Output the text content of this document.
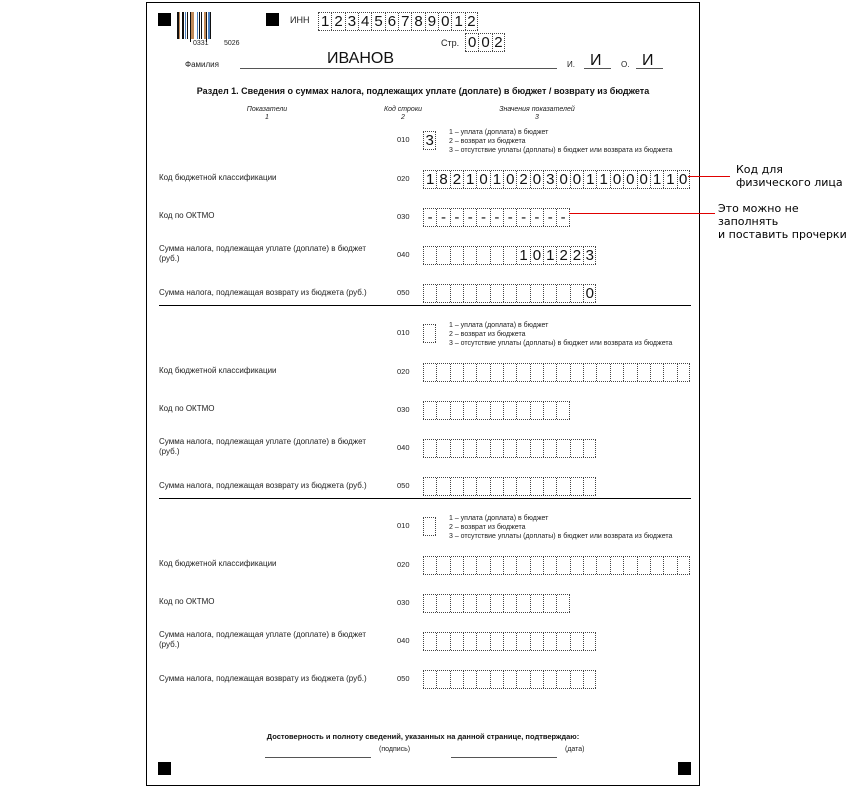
0331 5026
ИНН 1 2 3 4 5 6 7 8 9 0 1 2
Стр. 0 0 2
Фамилия	ИВАНОВ	И. И О. И
Раздел 1. Сведения о суммах налога, подлежащих уплате (доплате) в бюджет / возврату из бюджета
Показатели
1
Код строки
2
Значения показателей
3
010 3	1 – уплата (доплата) в бюджет
2 – возврат из бюджета
3 – отсутствие уплаты (доплаты) в бюджет или возврата из бюджета
Код бюджетной классификации	020 1 8 2 1 0 1 0 2 0 3 0 0 1 1 0 0 0 1 1 0
Код по ОКТМО	030	- - - - - - - - - - -
Сумма налога, подлежащая уплате (доплате) в бюджет (руб.)	040	1 0 1 2 2 3
Сумма налога, подлежащая возврату из бюджета (руб.)	050	0
010
1 – уплата (доплата) в бюджет
2 – возврат из бюджета
3 – отсутствие уплаты (доплаты) в бюджет или возврата из бюджета
Код бюджетной классификации	020
Код по ОКТМО	030
Сумма налога, подлежащая уплате (доплате) в бюджет (руб.)	040
Сумма налога, подлежащая возврату из бюджета (руб.)	050
010
1 – уплата (доплата) в бюджет
2 – возврат из бюджета
3 – отсутствие уплаты (доплаты) в бюджет или возврата из бюджета
Код бюджетной классификации	020
Код по ОКТМО	030
Сумма налога, подлежащая уплате (доплате) в бюджет (руб.)	040
Сумма налога, подлежащая возврату из бюджета (руб.)	050
Достоверность и полноту сведений, указанных на данной странице, подтверждаю:
(подпись)	(дата)
Код для
физического лица
Это можно не заполнять
и поставить прочерки
